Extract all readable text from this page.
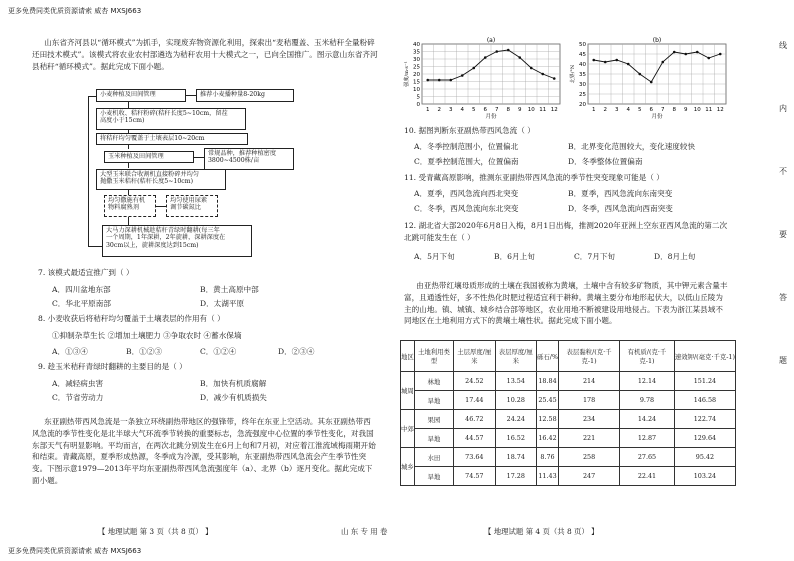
更多免费同类优质资源请索 威杏 MXSJ663
山东省齐河县以“循环模式”为抓手，实现废弃物资源化利用，探索出“麦秸覆盖、玉米秸秆全量粉碎还田技术模式”。该模式将农业农村部遴选为秸秆农用十大模式之一，已向全国推广。图示意山东省齐河县秸秆“循环模式”。据此完成下面小题。
小麦种植及田间管理	推荐小麦播种量8-20kg
小麦机收、秸秆粉碎(秸秆长度5~10cm，留茬
高度小于15cm)
将秸秆均匀覆盖于土壤表层10~20cm
玉米种植及田间管理	常规品种，推荐种植密度
3800~4500株/亩
大型玉米联合收割机直接粉碎并均匀
抛撒玉米秸秆(秸秆长度5~10cm)
均匀撒施有机
物料腐熟剂
均匀使用尿素
调节碳氮比
大马力深耕机械趁秸秆青绿时翻耕(每三年
一个周期，1年深耕，2年旋耕，深耕深度在
30cm以上，旋耕深度达到15cm)
7. 该模式最适宜推广到（ ）
A．四川盆地东部	B．黄土高原中部
C．华北平原南部	D．太湖平原
8. 小麦收获后将秸秆均匀覆盖于土壤表层的作用有（ ）
①抑制杂草生长 ②增加土壤肥力 ③争取农时 ④蓄水保墒
A．①③④	B．①②③	C．①②④	D．②③④
9. 趁玉米秸秆青绿时翻耕的主要目的是（ ）
A．减轻病虫害	B．加快有机质腐解
C．节省劳动力	D．减少有机质损失
东亚副热带西风急流是一条独立环绕副热带地区的强锋带，终年在东亚上空活动。其东亚副热带西风急流的季节性变化是北半球大气环流季节转换的重要标志，急流强度中心位置的季节性变化，对我国东部天气有明显影响。平均而言，在两次北跳分别发生在6月上旬和7月初，对应着江淮流域梅雨期开始和结束。青藏高原，夏季形成热源，冬季成为冷源，受其影响，东亚副热带西风急流会产生季节性突变。下图示意1979—2013年平均东亚副热带西风急流强度年（a）、北界（b）逐月变化。据此完成下面小题。
【 地理试题 第 3 页（共 8 页） 】	山 东 专 用 卷
更多免费同类优质资源请索 威杏 MXSJ663
0
5
10
15
20
25
30
35
40
1 2 3 4 5 6 7 8 9 10 11 12
(a)
月份
强度/m·s⁻¹
20
25
30
35
40
45
50
1 2 3 4 5 6 7 8 9 10 11 12
(b)
月份
北界/°N
10. 据图判断东亚副热带西风急流（ ）
A．冬季控制范围小，位置偏北	B．北界变化范围较大，变化速度较快
C．夏季控制范围大，位置偏南	D．冬季整体位置偏南
11. 受青藏高原影响，推测东亚副热带西风急流的季节性突变现象可能是（ ）
A．夏季，西风急流向西北突变	B．夏季，西风急流向东南突变
C．冬季，西风急流向东北突变	D．冬季，西风急流向西南突变
12. 湖北省大部2020年6月8日入梅，8月1日出梅，推测2020年亚洲上空东亚西风急流的第二次北跳可能发生在（ ）
A．5月下旬	B．6月上旬	C．7月下旬	D．8月上旬
由亚热带红壤母质形成的土壤在我国被称为黄壤，土壤中含有较多矿物质，其中钾元素含量丰富，且通透性好，多不性热化时肥过程适宜利于耕种。黄壤主要分布地形起伏大，以低山丘陵为主的山地。镇、城镇、城乡结合部等地区，农业用地不断被建设用地侵占。下表为浙江某县域不同地区在土地利用方式下的黄壤土壤性状。据此完成下面小题。
地区	土地利用类型	土层厚度/厘米	表层厚度/厘米	砾石/%	表层黏粒/(克·千克-1)	有机质/(克·千克-1)	速效钾/(毫克·千克-1)
城周	林地	24.52	13.54	18.84	214	12.14	151.24
	旱地	17.44	10.28	25.45	178	9.78	146.58
中郊	果园	46.72	24.24	12.58	234	14.24	122.74
	旱地	44.57	16.52	16.42	221	12.87	129.64
城乡	水田	73.64	18.74	8.76	258	27.65	95.42
	旱地	74.57	17.28	11.43	247	22.41	103.24
【 地理试题 第 4 页（共 8 页） 】
线
内
不
要
答
题
